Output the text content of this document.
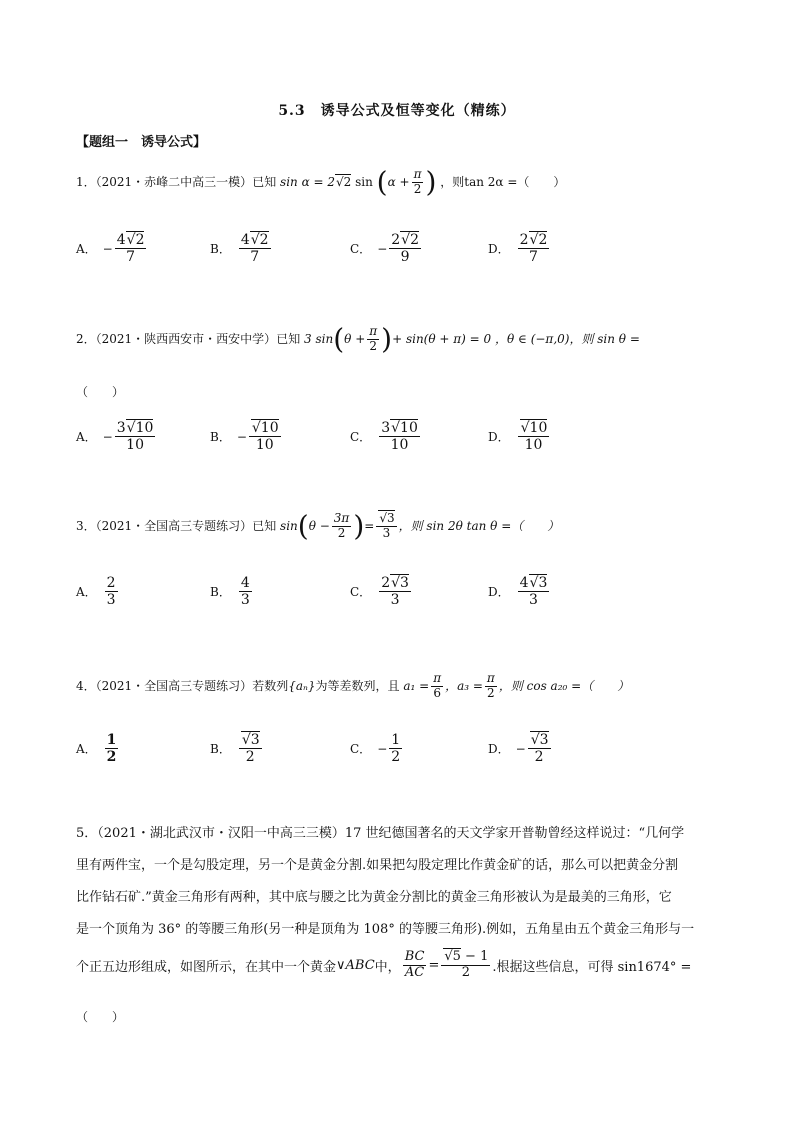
5.3　诱导公式及恒等变化（精练）
【题组一　诱导公式】
1．（2021・赤峰二中高三一模）已知 sin α = 2√2 $\sin (\alpha + \frac{\pi}{2}$ ) ，则tan 2α =（　　）
A． − $\frac{4√2}{7}$	B． $\frac{4√2}{7}$	C． − $\frac{2√2}{9}$	D． $\frac{2√2}{7}$
2．（2021・陕西西安市・西安中学）已知 3 $\sin(\theta + \frac{\pi}{2}$ )+ sin(θ + π) = 0 ，θ ∈ (−π,0)，则 sin θ =
（　　）
A． − $\frac{3√10}{10}$	B． − $\frac{√10}{10}$	C． $\frac{3√10}{10}$	D． $\frac{√10}{10}$
3．（2021・全国高三专题练习）已知 $\sin(\theta - \frac{3\pi}{2}$ )= $\frac{√3}{3}$ ，则 sin 2θ tan θ =（　　）
A． $\frac{2}{3}$	B． $\frac{4}{3}$	C． $\frac{2√3}{3}$	D． $\frac{4√3}{3}$
4．（2021・全国高三专题练习）若数列{aₙ}为等差数列，且 $a_1 = \frac{\pi}{6}$ ，$a_3 = \frac{\pi}{2}$ ，则 cos a₂₀ =（　　）
A． $\frac{1}{2}$	B． $\frac{√3}{2}$	C． − $\frac{1}{2}$	D． − $\frac{√3}{2}$
5．（2021・湖北武汉市・汉阳一中高三三模）17 世纪德国著名的天文学家开普勒曾经这样说过：“几何学
里有两件宝，一个是勾股定理，另一个是黄金分割.如果把勾股定理比作黄金矿的话，那么可以把黄金分割
比作钻石矿.”黄金三角形有两种，其中底与腰之比为黄金分割比的黄金三角形被认为是最美的三角形，它
是一个顶角为 36° 的等腰三角形(另一种是顶角为 108° 的等腰三角形).例如，五角星由五个黄金三角形与一
个正五边形组成，如图所示，在其中一个黄金 ∨ABC 中， $\frac{BC}{AC} = \frac{√5 - 1}{2}$ .根据这些信息，可得 sin1674° =
（　　）
